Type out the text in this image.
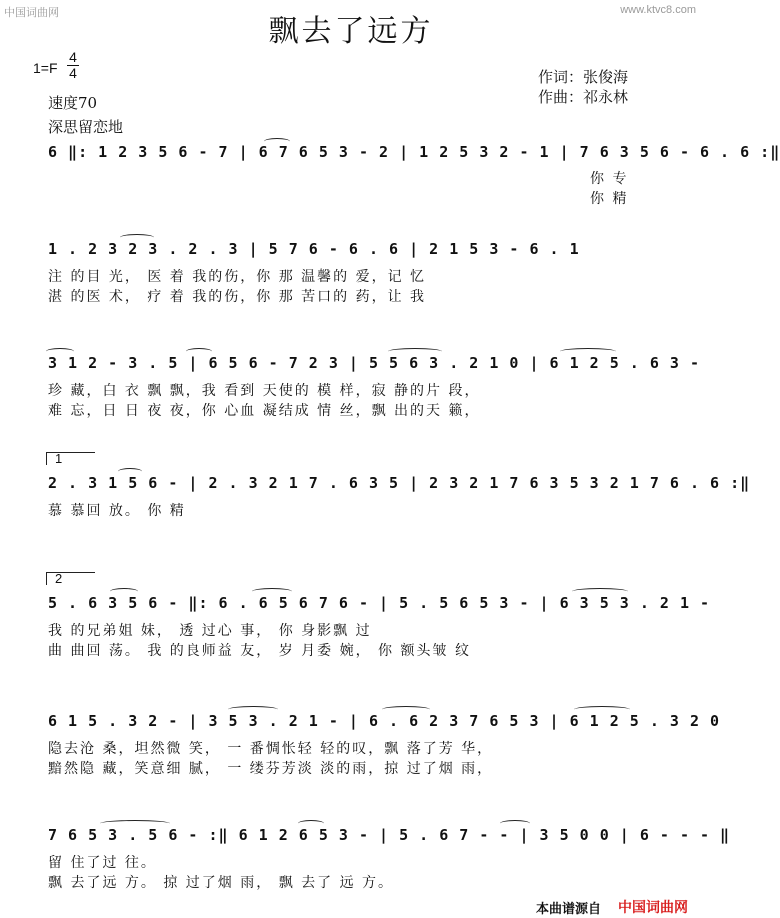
中国词曲网	www.ktvc8.com
飘去了远方
1=F
4
4
速度70
深思留恋地
作词：张俊海
作曲：祁永林
6 ‖: 1 2 3 5 6 - 7 | 6 7 6 5 3 - 2 | 1 2 5 3 2 - 1 | 7 6 3 5 6 - 6 . 6 :‖
你 专
你 精
1 . 2 3 2 3 . 2 . 3 | 5 7 6 - 6 . 6 | 2 1 5 3 - 6 . 1
注 的目 光， 医 着 我的伤，你 那 温馨的 爱，记 忆
湛 的医 术， 疗 着 我的伤，你 那 苦口的 药，让 我
3 1 2 - 3 . 5 | 6 5 6 - 7 2 3 | 5 5 6 3 . 2 1 0 | 6 1 2 5 . 6 3 -
珍 藏，白 衣 飘 飘，我 看到 天使的 模 样，寂 静的片 段，
难 忘，日 日 夜 夜，你 心血 凝结成 情 丝，飘 出的天 籁，
1
2 . 3 1 5 6 - | 2 . 3 2 1 7 . 6 3 5 | 2 3 2 1 7 6 3 5 3 2 1 7 6 . 6 :‖
慕 慕回 放。 你 精
2
5 . 6 3 5 6 - ‖: 6 . 6 5 6 7 6 - | 5 . 5 6 5 3 - | 6 3 5 3 . 2 1 -
我 的兄弟姐 妹， 透 过心 事， 你 身影飘 过
曲 曲回 荡。 我 的良师益 友， 岁 月委 婉， 你 额头皱 纹
6 1 5 . 3 2 - | 3 5 3 . 2 1 - | 6 . 6 2 3 7 6 5 3 | 6 1 2 5 . 3 2 0
隐去沧 桑，坦然微 笑， 一 番惆怅轻 轻的叹，飘 落了芳 华，
黯然隐 藏，笑意细 腻， 一 缕芬芳淡 淡的雨，掠 过了烟 雨，
7 6 5 3 . 5 6 - :‖ 6 1 2 6 5 3 - | 5 . 6 7 - - | 3 5 0 0 | 6 - - - ‖
留 住了过 往。
飘 去了远 方。 掠 过了烟 雨， 飘 去了 远 方。
本曲谱源自 中国词曲网
